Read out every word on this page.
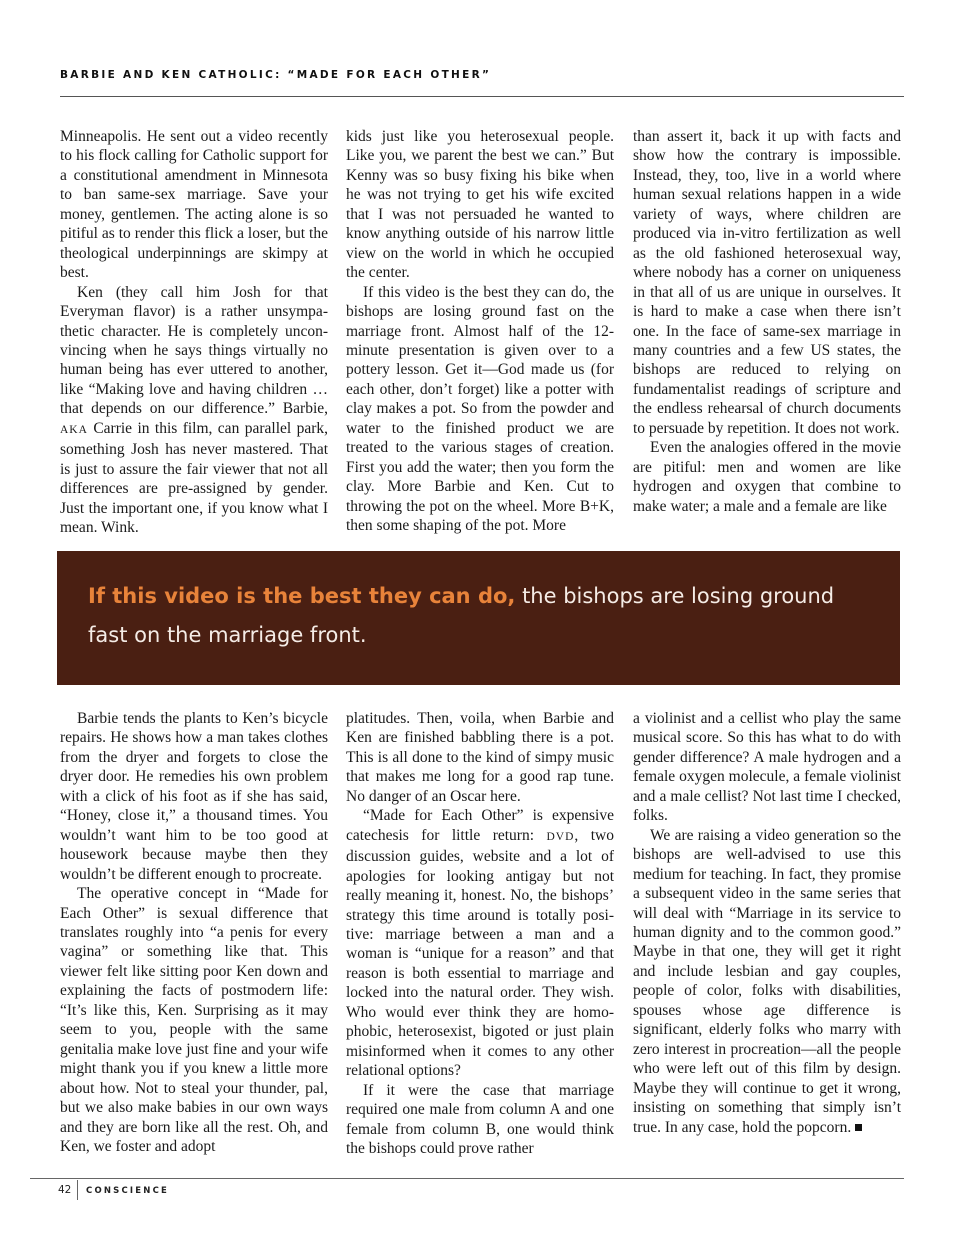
BARBIE AND KEN CATHOLIC: “MADE FOR EACH OTHER”

Minneapolis. He sent out a video recently to his flock calling for Catholic support for a constitutional amendment in Minnesota to ban same-sex marriage. Save your money, gentlemen. The acting alone is so pitiful as to render this flick a loser, but the theological underpinnings are skimpy at best.

Ken (they call him Josh for that Everyman flavor) is a rather unsympathetic character. He is completely unconvincing when he says things virtually no human being has ever uttered to another, like “Making love and having children … that depends on our difference.” Barbie, AKA Carrie in this film, can parallel park, something Josh has never mastered. That is just to assure the fair viewer that not all differences are pre-assigned by gender. Just the important one, if you know what I mean. Wink.

kids just like you heterosexual people. Like you, we parent the best we can.” But Kenny was so busy fixing his bike when he was not trying to get his wife excited that I was not persuaded he wanted to know anything outside of his narrow little view on the world in which he occupied the center.

If this video is the best they can do, the bishops are losing ground fast on the marriage front. Almost half of the 12-minute presentation is given over to a pottery lesson. Get it—God made us (for each other, don’t forget) like a potter with clay makes a pot. So from the powder and water to the finished product we are treated to the various stages of creation. First you add the water; then you form the clay. More Barbie and Ken. Cut to throwing the pot on the wheel. More B+K, then some shaping of the pot. More

than assert it, back it up with facts and show how the contrary is impossible. Instead, they, too, live in a world where human sexual relations happen in a wide variety of ways, where children are produced via in-vitro fertilization as well as the old fashioned heterosexual way, where nobody has a corner on uniqueness in that all of us are unique in ourselves. It is hard to make a case when there isn’t one. In the face of same-sex marriage in many countries and a few US states, the bishops are reduced to relying on fundamentalist readings of scripture and the endless rehearsal of church documents to persuade by repetition. It does not work.

Even the analogies offered in the movie are pitiful: men and women are like hydrogen and oxygen that combine to make water; a male and a female are like

If this video is the best they can do, the bishops are losing ground fast on the marriage front.

Barbie tends the plants to Ken’s bicycle repairs. He shows how a man takes clothes from the dryer and forgets to close the dryer door. He remedies his own problem with a click of his foot as if she has said, “Honey, close it,” a thousand times. You wouldn’t want him to be too good at housework because maybe then they wouldn’t be different enough to procreate.

The operative concept in “Made for Each Other” is sexual difference that translates roughly into “a penis for every vagina” or something like that. This viewer felt like sitting poor Ken down and explaining the facts of postmodern life: “It’s like this, Ken. Surprising as it may seem to you, people with the same genitalia make love just fine and your wife might thank you if you knew a little more about how. Not to steal your thunder, pal, but we also make babies in our own ways and they are born like all the rest. Oh, and Ken, we foster and adopt

platitudes. Then, voila, when Barbie and Ken are finished babbling there is a pot. This is all done to the kind of simpy music that makes me long for a good rap tune. No danger of an Oscar here.

“Made for Each Other” is expensive catechesis for little return: DVD, two discussion guides, website and a lot of apologies for looking antigay but not really meaning it, honest. No, the bishops’ strategy this time around is totally positive: marriage between a man and a woman is “unique for a reason” and that reason is both essential to marriage and locked into the natural order. They wish. Who would ever think they are homophobic, heterosexist, bigoted or just plain misinformed when it comes to any other relational options?

If it were the case that marriage required one male from column A and one female from column B, one would think the bishops could prove rather

a violinist and a cellist who play the same musical score. So this has what to do with gender difference? A male hydrogen and a female oxygen molecule, a female violinist and a male cellist? Not last time I checked, folks.

We are raising a video generation so the bishops are well-advised to use this medium for teaching. In fact, they promise a subsequent video in the same series that will deal with “Marriage in its service to human dignity and to the common good.” Maybe in that one, they will get it right and include lesbian and gay couples, people of color, folks with disabilities, spouses whose age difference is significant, elderly folks who marry with zero interest in procreation—all the people who were left out of this film by design. Maybe they will continue to get it wrong, insisting on something that simply isn’t true. In any case, hold the popcorn.

42 CONSCIENCE
